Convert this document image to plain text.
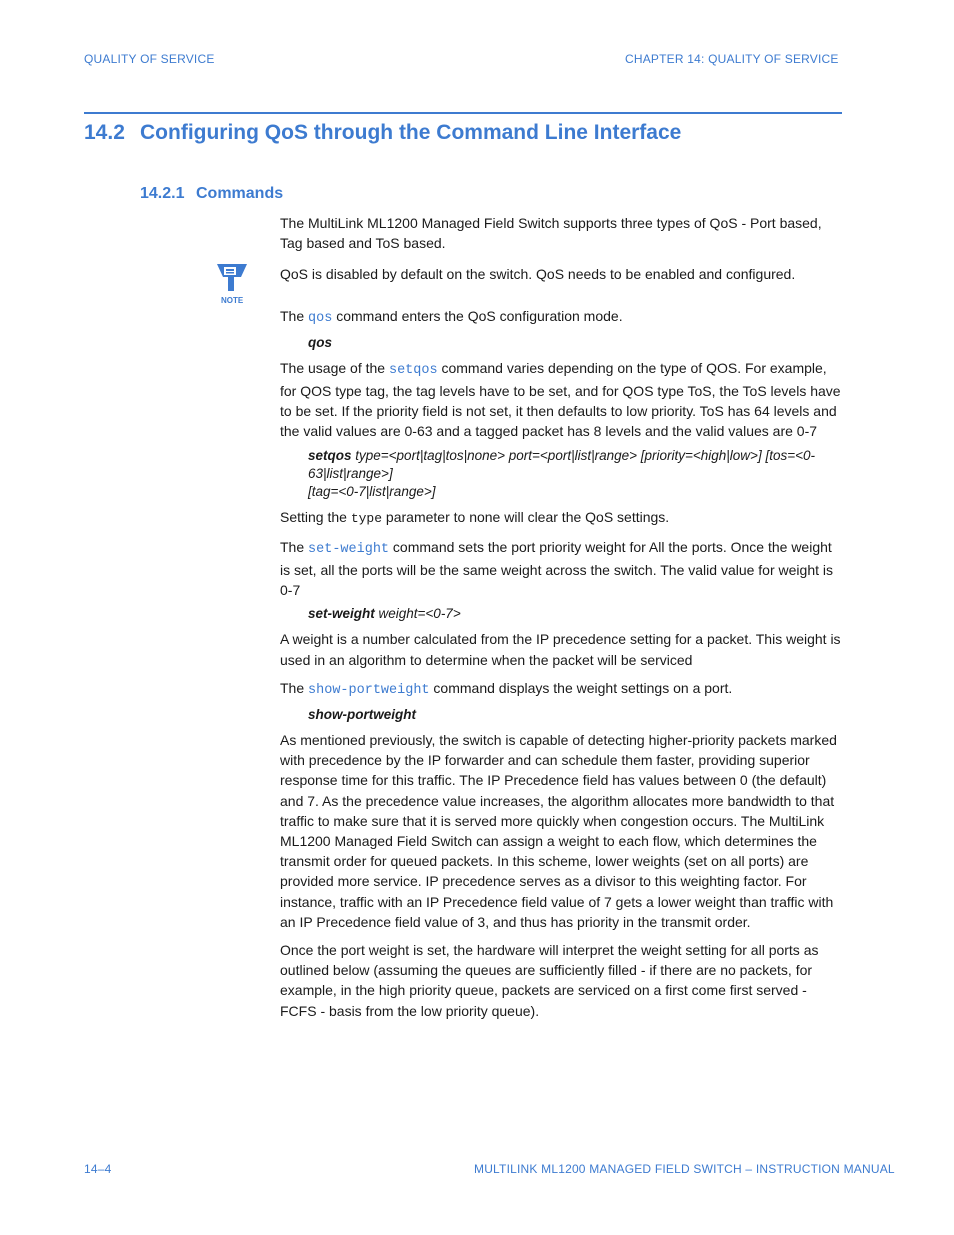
QUALITY OF SERVICE	CHAPTER 14: QUALITY OF SERVICE
14.2 Configuring QoS through the Command Line Interface
14.2.1 Commands

The MultiLink ML1200 Managed Field Switch supports three types of QoS - Port based, Tag based and ToS based.

NOTE

QoS is disabled by default on the switch. QoS needs to be enabled and configured.

The qos command enters the QoS configuration mode.

qos

The usage of the setqos command varies depending on the type of QOS. For example, for QOS type tag, the tag levels have to be set, and for QOS type ToS, the ToS levels have to be set. If the priority field is not set, it then defaults to low priority. ToS has 64 levels and the valid values are 0-63 and a tagged packet has 8 levels and the valid values are 0-7

setqos type=<port|tag|tos|none> port=<port|list|range> [priority=<high|low>] [tos=<0-63|list|range>]
[tag=<0-7|list|range>]

Setting the type parameter to none will clear the QoS settings.

The set-weight command sets the port priority weight for All the ports. Once the weight is set, all the ports will be the same weight across the switch. The valid value for weight is 0-7

set-weight weight=<0-7>

A weight is a number calculated from the IP precedence setting for a packet. This weight is used in an algorithm to determine when the packet will be serviced

The show-portweight command displays the weight settings on a port.

show-portweight

As mentioned previously, the switch is capable of detecting higher-priority packets marked with precedence by the IP forwarder and can schedule them faster, providing superior response time for this traffic. The IP Precedence field has values between 0 (the default) and 7. As the precedence value increases, the algorithm allocates more bandwidth to that traffic to make sure that it is served more quickly when congestion occurs. The MultiLink ML1200 Managed Field Switch can assign a weight to each flow, which determines the transmit order for queued packets. In this scheme, lower weights (set on all ports) are provided more service. IP precedence serves as a divisor to this weighting factor. For instance, traffic with an IP Precedence field value of 7 gets a lower weight than traffic with an IP Precedence field value of 3, and thus has priority in the transmit order.

Once the port weight is set, the hardware will interpret the weight setting for all ports as outlined below (assuming the queues are sufficiently filled - if there are no packets, for example, in the high priority queue, packets are serviced on a first come first served - FCFS - basis from the low priority queue).

14–4	MULTILINK ML1200 MANAGED FIELD SWITCH – INSTRUCTION MANUAL
